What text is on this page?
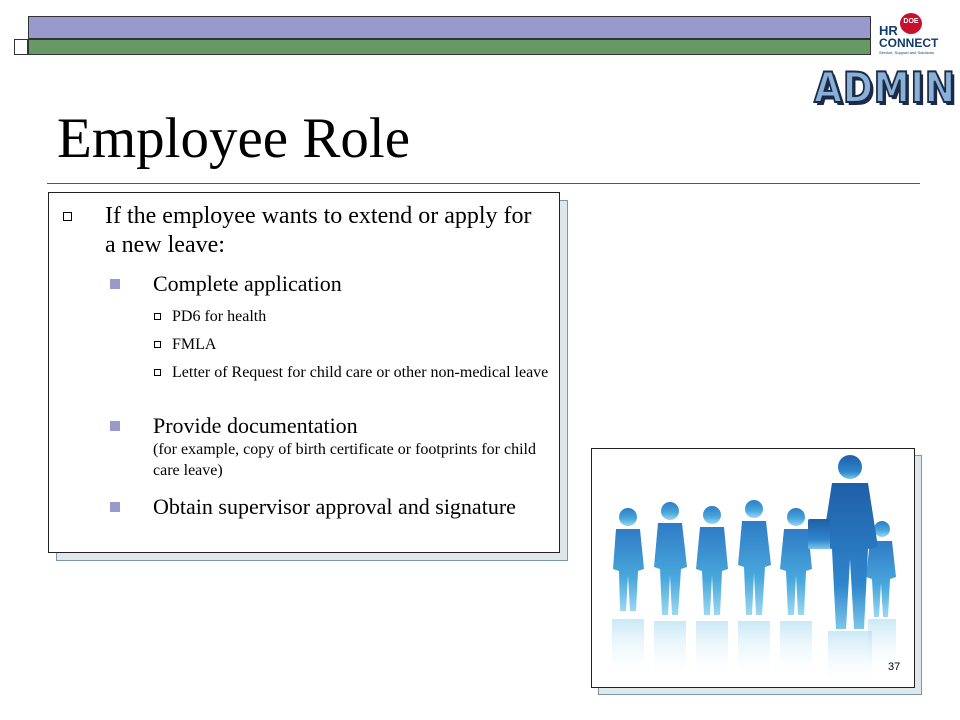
DOE
HR
CONNECT
Service, Support and Solutions
ADMIN
Employee Role
If the employee wants to extend or apply for a new leave:
Complete application
PD6 for health
FMLA
Letter of Request for child care or other non-medical leave
Provide documentation
(for example, copy of birth certificate or footprints for child care leave)
Obtain supervisor approval and signature
37
